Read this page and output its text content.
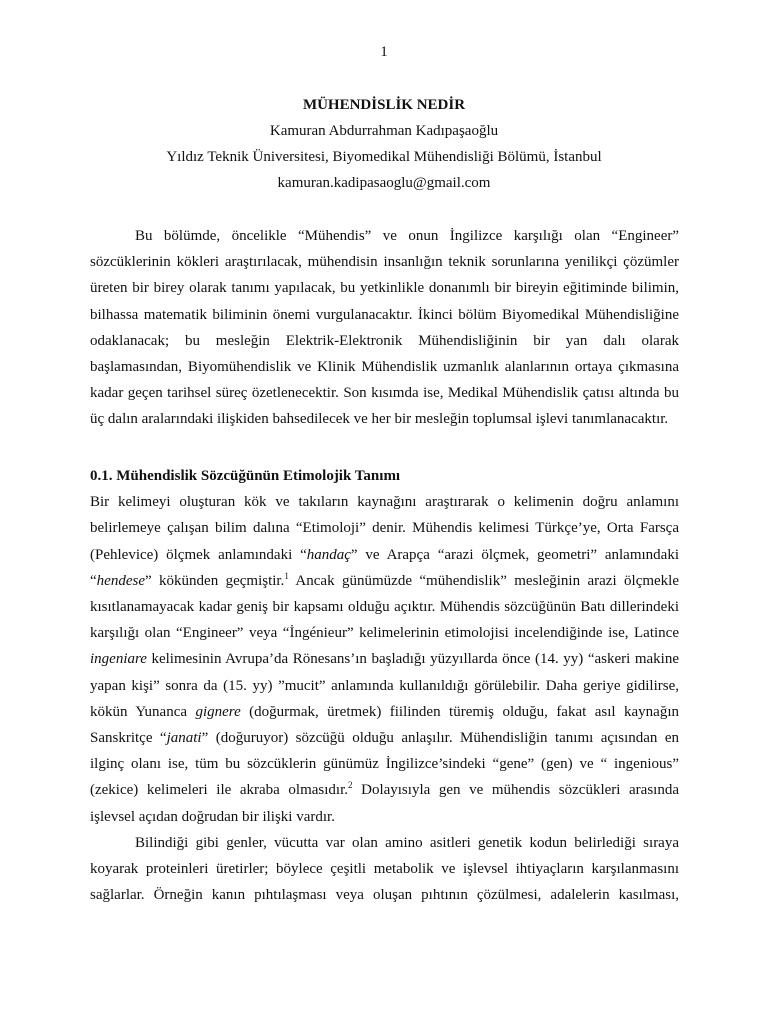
1
MÜHENDİSLİK NEDİR
Kamuran Abdurrahman Kadıpaşaoğlu
Yıldız Teknik Üniversitesi, Biyomedikal Mühendisliği Bölümü, İstanbul
kamuran.kadipasaoglu@gmail.com
Bu bölümde, öncelikle “Mühendis” ve onun İngilizce karşılığı olan “Engineer”
sözcüklerinin kökleri araştırılacak, mühendisin insanlığın teknik sorunlarına yenilikçi çözümler
üreten bir birey olarak tanımı yapılacak, bu yetkinlikle donanımlı bir bireyin eğitiminde bilimin,
bilhassa matematik biliminin önemi vurgulanacaktır. İkinci bölüm Biyomedikal Mühendisliğine
odaklanacak; bu mesleğin Elektrik-Elektronik Mühendisliğinin bir yan dalı olarak
başlamasından, Biyomühendislik ve Klinik Mühendislik uzmanlık alanlarının ortaya çıkmasına
kadar geçen tarihsel süreç özetlenecektir. Son kısımda ise, Medikal Mühendislik çatısı altında bu
üç dalın aralarındaki ilişkiden bahsedilecek ve her bir mesleğin toplumsal işlevi tanımlanacaktır.
0.1. Mühendislik Sözcüğünün Etimolojik Tanımı
Bir kelimeyi oluşturan kök ve takıların kaynağını araştırarak o kelimenin doğru anlamını
belirlemeye çalışan bilim dalına “Etimoloji” denir. Mühendis kelimesi Türkçe’ye, Orta Farsça
(Pehlevice) ölçmek anlamındaki “handaç” ve Arapça “arazi ölçmek, geometri” anlamındaki
“hendese” kökünden geçmiştir.$^1$ Ancak günümüzde “mühendislik” mesleğinin arazi ölçmekle
kısıtlanamayacak kadar geniş bir kapsamı olduğu açıktır. Mühendis sözcüğünün Batı dillerindeki
karşılığı olan “Engineer” veya “İngénieur” kelimelerinin etimolojisi incelendiğinde ise, Latince
ingeniare kelimesinin Avrupa’da Rönesans’ın başladığı yüzyıllarda önce (14. yy) “askeri makine
yapan kişi” sonra da (15. yy) ”mucit” anlamında kullanıldığı görülebilir. Daha geriye gidilirse,
kökün Yunanca gignere (doğurmak, üretmek) fiilinden türemiş olduğu, fakat asıl kaynağın
Sanskritçe “janati” (doğuruyor) sözcüğü olduğu anlaşılır. Mühendisliğin tanımı açısından en
ilginç olanı ise, tüm bu sözcüklerin günümüz İngilizce’sindeki “gene” (gen) ve “ ingenious”
(zekice) kelimeleri ile akraba olmasıdır.$^2$ Dolayısıyla gen ve mühendis sözcükleri arasında
işlevsel açıdan doğrudan bir ilişki vardır.
Bilindiği gibi genler, vücutta var olan amino asitleri genetik kodun belirlediği sıraya
koyarak proteinleri üretirler; böylece çeşitli metabolik ve işlevsel ihtiyaçların karşılanmasını
sağlarlar. Örneğin kanın pıhtılaşması veya oluşan pıhtının çözülmesi, adalelerin kasılması,
